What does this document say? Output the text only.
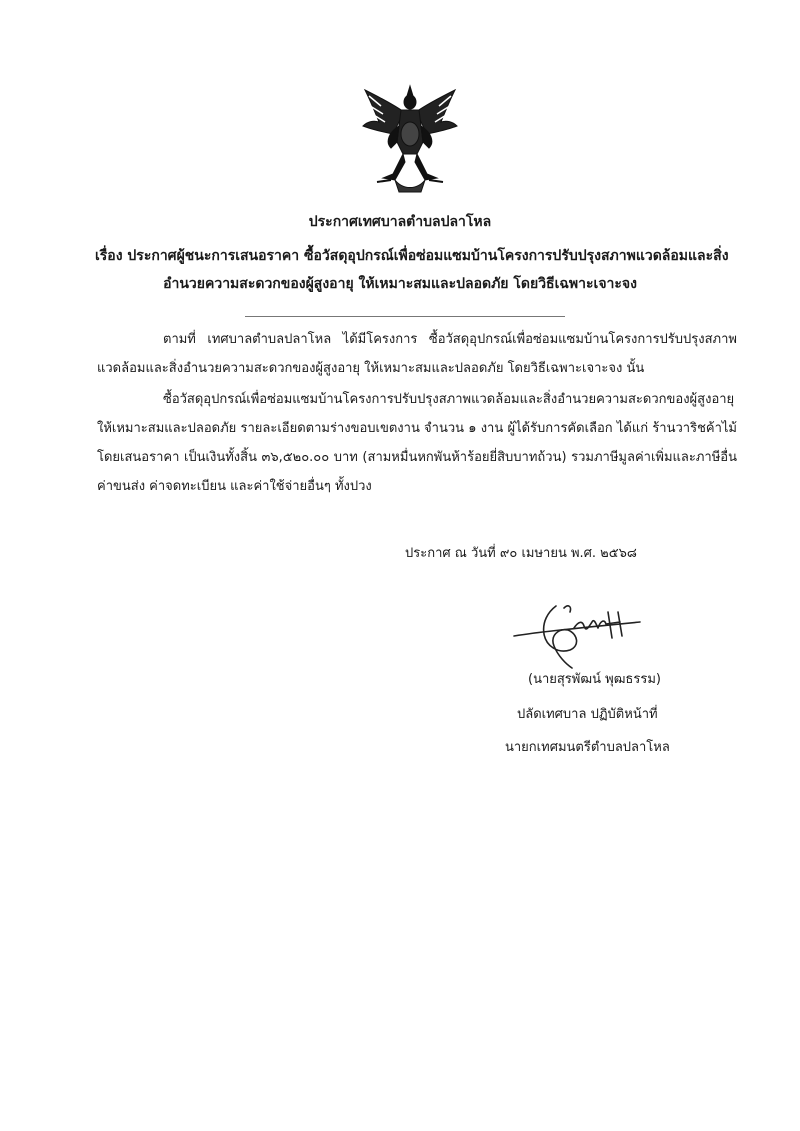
ประกาศเทศบาลตำบลปลาโหล
เรื่อง ประกาศผู้ชนะการเสนอราคา ซื้อวัสดุอุปกรณ์เพื่อซ่อมแซมบ้านโครงการปรับปรุงสภาพแวดล้อมและสิ่ง
อำนวยความสะดวกของผู้สูงอายุ ให้เหมาะสมและปลอดภัย โดยวิธีเฉพาะเจาะจง
ตามที่ เทศบาลตำบลปลาโหล ได้มีโครงการ ซื้อวัสดุอุปกรณ์เพื่อซ่อมแซมบ้านโครงการปรับปรุงสภาพแวดล้อมและสิ่งอำนวยความสะดวกของผู้สูงอายุ ให้เหมาะสมและปลอดภัย โดยวิธีเฉพาะเจาะจง นั้น
ซื้อวัสดุอุปกรณ์เพื่อซ่อมแซมบ้านโครงการปรับปรุงสภาพแวดล้อมและสิ่งอำนวยความสะดวกของผู้สูงอายุ ให้เหมาะสมและปลอดภัย รายละเอียดตามร่างขอบเขตงาน จำนวน ๑ งาน ผู้ได้รับการคัดเลือก ได้แก่ ร้านวาริชค้าไม้ โดยเสนอราคา เป็นเงินทั้งสิ้น ๓๖,๕๒๐.๐๐ บาท (สามหมื่นหกพันห้าร้อยยี่สิบบาทถ้วน) รวมภาษีมูลค่าเพิ่มและภาษีอื่น ค่าขนส่ง ค่าจดทะเบียน และค่าใช้จ่ายอื่นๆ ทั้งปวง
ประกาศ ณ วันที่ ๙๐ เมษายน พ.ศ. ๒๕๖๘
(นายสุรพัฒน์ พุฒธรรม)
ปลัดเทศบาล ปฏิบัติหน้าที่
นายกเทศมนตรีตำบลปลาโหล
